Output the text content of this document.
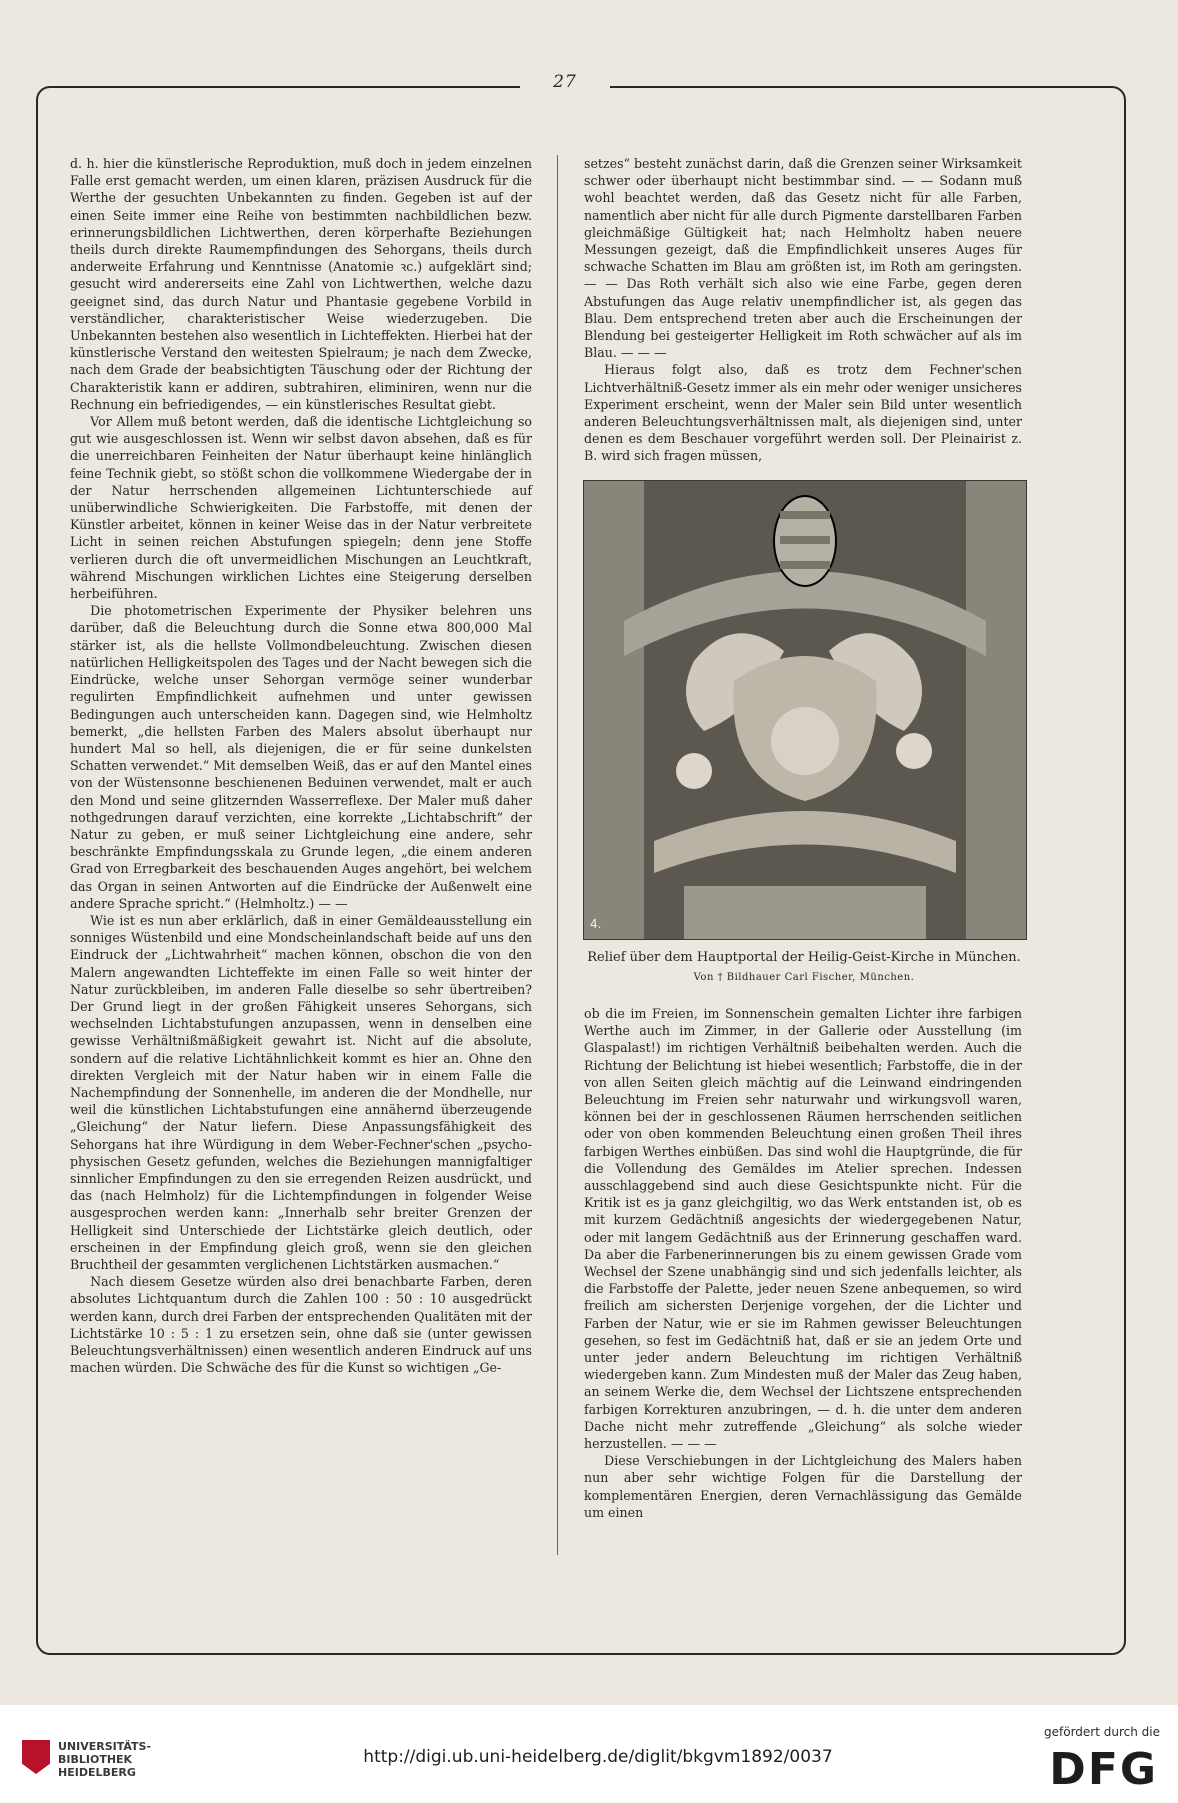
27

d. h. hier die künstlerische Reproduktion, muß doch in jedem einzelnen Falle erst gemacht werden, um einen klaren, präzisen Ausdruck für die Werthe der gesuchten Unbekannten zu finden. Gegeben ist auf der einen Seite immer eine Reihe von bestimmten nachbildlichen bezw. erinnerungsbildlichen Lichtwerthen, deren körperhafte Beziehungen theils durch direkte Raumempfindungen des Sehorgans, theils durch anderweite Erfahrung und Kenntnisse (Anatomie ꝛc.) aufgeklärt sind; gesucht wird andererseits eine Zahl von Lichtwerthen, welche dazu geeignet sind, das durch Natur und Phantasie gegebene Vorbild in verständlicher, charakteristischer Weise wiederzugeben. Die Unbekannten bestehen also wesentlich in Lichteffekten. Hierbei hat der künstlerische Verstand den weitesten Spielraum; je nach dem Zwecke, nach dem Grade der beabsichtigten Täuschung oder der Richtung der Charakteristik kann er addiren, subtrahiren, eliminiren, wenn nur die Rechnung ein befriedigendes, — ein künstlerisches Resultat giebt.

Vor Allem muß betont werden, daß die identische Lichtgleichung so gut wie ausgeschlossen ist. Wenn wir selbst davon absehen, daß es für die unerreichbaren Feinheiten der Natur überhaupt keine hinlänglich feine Technik giebt, so stößt schon die vollkommene Wiedergabe der in der Natur herrschenden allgemeinen Lichtunterschiede auf unüberwindliche Schwierigkeiten. Die Farbstoffe, mit denen der Künstler arbeitet, können in keiner Weise das in der Natur verbreitete Licht in seinen reichen Abstufungen spiegeln; denn jene Stoffe verlieren durch die oft unvermeidlichen Mischungen an Leuchtkraft, während Mischungen wirklichen Lichtes eine Steigerung derselben herbeiführen.

Die photometrischen Experimente der Physiker belehren uns darüber, daß die Beleuchtung durch die Sonne etwa 800,000 Mal stärker ist, als die hellste Vollmondbeleuchtung. Zwischen diesen natürlichen Helligkeitspolen des Tages und der Nacht bewegen sich die Eindrücke, welche unser Sehorgan vermöge seiner wunderbar regulirten Empfindlichkeit aufnehmen und unter gewissen Bedingungen auch unterscheiden kann. Dagegen sind, wie Helmholtz bemerkt, „die hellsten Farben des Malers absolut überhaupt nur hundert Mal so hell, als diejenigen, die er für seine dunkelsten Schatten verwendet.“ Mit demselben Weiß, das er auf den Mantel eines von der Wüstensonne beschienenen Beduinen verwendet, malt er auch den Mond und seine glitzernden Wasserreflexe. Der Maler muß daher nothgedrungen darauf verzichten, eine korrekte „Lichtabschrift“ der Natur zu geben, er muß seiner Lichtgleichung eine andere, sehr beschränkte Empfindungsskala zu Grunde legen, „die einem anderen Grad von Erregbarkeit des beschauenden Auges angehört, bei welchem das Organ in seinen Antworten auf die Eindrücke der Außenwelt eine andere Sprache spricht.“ (Helmholtz.) — —

Wie ist es nun aber erklärlich, daß in einer Gemäldeausstellung ein sonniges Wüstenbild und eine Mondscheinlandschaft beide auf uns den Eindruck der „Lichtwahrheit“ machen können, obschon die von den Malern angewandten Lichteffekte im einen Falle so weit hinter der Natur zurückbleiben, im anderen Falle dieselbe so sehr übertreiben? Der Grund liegt in der großen Fähigkeit unseres Sehorgans, sich wechselnden Lichtabstufungen anzupassen, wenn in denselben eine gewisse Verhältnißmäßigkeit gewahrt ist. Nicht auf die absolute, sondern auf die relative Lichtähnlichkeit kommt es hier an. Ohne den direkten Vergleich mit der Natur haben wir in einem Falle die Nachempfindung der Sonnenhelle, im anderen die der Mondhelle, nur weil die künstlichen Lichtabstufungen eine annähernd überzeugende „Gleichung“ der Natur liefern. Diese Anpassungsfähigkeit des Sehorgans hat ihre Würdigung in dem Weber-Fechner'schen „psycho-physischen Gesetz gefunden, welches die Beziehungen mannigfaltiger sinnlicher Empfindungen zu den sie erregenden Reizen ausdrückt, und das (nach Helmholz) für die Lichtempfindungen in folgender Weise ausgesprochen werden kann: „Innerhalb sehr breiter Grenzen der Helligkeit sind Unterschiede der Lichtstärke gleich deutlich, oder erscheinen in der Empfindung gleich groß, wenn sie den gleichen Bruchtheil der gesammten verglichenen Lichtstärken ausmachen.“

Nach diesem Gesetze würden also drei benachbarte Farben, deren absolutes Lichtquantum durch die Zahlen 100 : 50 : 10 ausgedrückt werden kann, durch drei Farben der entsprechenden Qualitäten mit der Lichtstärke 10 : 5 : 1 zu ersetzen sein, ohne daß sie (unter gewissen Beleuchtungsverhältnissen) einen wesentlich anderen Eindruck auf uns machen würden. Die Schwäche des für die Kunst so wichtigen „Ge-

setzes“ besteht zunächst darin, daß die Grenzen seiner Wirksamkeit schwer oder überhaupt nicht bestimmbar sind. — — Sodann muß wohl beachtet werden, daß das Gesetz nicht für alle Farben, namentlich aber nicht für alle durch Pigmente darstellbaren Farben gleichmäßige Gültigkeit hat; nach Helmholtz haben neuere Messungen gezeigt, daß die Empfindlichkeit unseres Auges für schwache Schatten im Blau am größten ist, im Roth am geringsten. — — Das Roth verhält sich also wie eine Farbe, gegen deren Abstufungen das Auge relativ unempfindlicher ist, als gegen das Blau. Dem entsprechend treten aber auch die Erscheinungen der Blendung bei gesteigerter Helligkeit im Roth schwächer auf als im Blau. — — —

Hieraus folgt also, daß es trotz dem Fechner'schen Lichtverhältniß-Gesetz immer als ein mehr oder weniger unsicheres Experiment erscheint, wenn der Maler sein Bild unter wesentlich anderen Beleuchtungsverhältnissen malt, als diejenigen sind, unter denen es dem Beschauer vorgeführt werden soll. Der Pleinairist z. B. wird sich fragen müssen,

4.
Relief über dem Hauptportal der Heilig-Geist-Kirche in München.
Von † Bildhauer Carl Fischer, München.

ob die im Freien, im Sonnenschein gemalten Lichter ihre farbigen Werthe auch im Zimmer, in der Gallerie oder Ausstellung (im Glaspalast!) im richtigen Verhältniß beibehalten werden. Auch die Richtung der Belichtung ist hiebei wesentlich; Farbstoffe, die in der von allen Seiten gleich mächtig auf die Leinwand eindringenden Beleuchtung im Freien sehr naturwahr und wirkungsvoll waren, können bei der in geschlossenen Räumen herrschenden seitlichen oder von oben kommenden Beleuchtung einen großen Theil ihres farbigen Werthes einbüßen. Das sind wohl die Hauptgründe, die für die Vollendung des Gemäldes im Atelier sprechen. Indessen ausschlaggebend sind auch diese Gesichtspunkte nicht. Für die Kritik ist es ja ganz gleichgiltig, wo das Werk entstanden ist, ob es mit kurzem Gedächtniß angesichts der wiedergegebenen Natur, oder mit langem Gedächtniß aus der Erinnerung geschaffen ward. Da aber die Farbenerinnerungen bis zu einem gewissen Grade vom Wechsel der Szene unabhängig sind und sich jedenfalls leichter, als die Farbstoffe der Palette, jeder neuen Szene anbequemen, so wird freilich am sichersten Derjenige vorgehen, der die Lichter und Farben der Natur, wie er sie im Rahmen gewisser Beleuchtungen gesehen, so fest im Gedächtniß hat, daß er sie an jedem Orte und unter jeder andern Beleuchtung im richtigen Verhältniß wiedergeben kann. Zum Mindesten muß der Maler das Zeug haben, an seinem Werke die, dem Wechsel der Lichtszene entsprechenden farbigen Korrekturen anzubringen, — d. h. die unter dem anderen Dache nicht mehr zutreffende „Gleichung“ als solche wieder herzustellen. — — —

Diese Verschiebungen in der Lichtgleichung des Malers haben nun aber sehr wichtige Folgen für die Darstellung der komplementären Energien, deren Vernachlässigung das Gemälde um einen

UNIVERSITÄTS-
BIBLIOTHEK
HEIDELBERG
http://digi.ub.uni-heidelberg.de/diglit/bkgvm1892/0037
gefördert durch die
DFG
